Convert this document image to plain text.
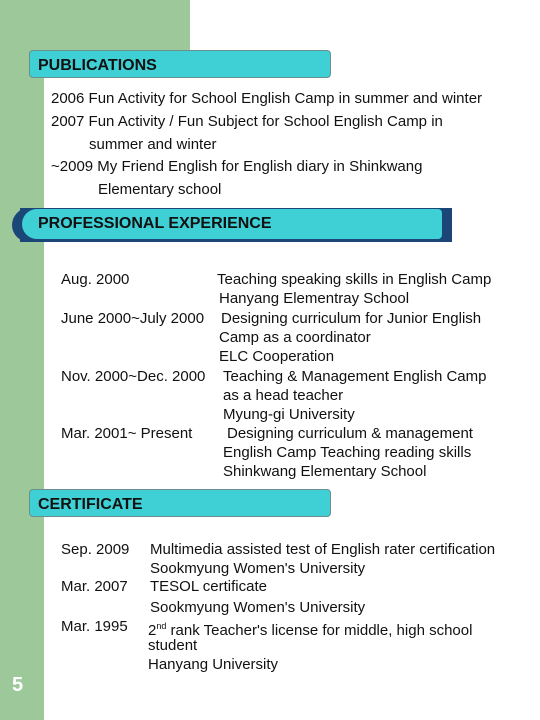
5
PUBLICATIONS
2006 Fun Activity for School English Camp in summer and winter
2007 Fun Activity / Fun Subject for School English Camp in
summer and winter
~2009 My Friend English for English diary in Shinkwang
Elementary school
PROFESSIONAL EXPERIENCE
Aug. 2000
June 2000~July 2000
Nov. 2000~Dec. 2000
Mar. 2001~ Present
Teaching speaking skills in English Camp
Hanyang Elementray School
Designing curriculum for Junior English
Camp as a coordinator
ELC Cooperation
Teaching & Management English Camp
as a head teacher
Myung-gi University
Designing curriculum & management
English Camp Teaching reading skills
Shinkwang Elementary School
CERTIFICATE
Sep. 2009
Mar. 2007
Mar. 1995
Multimedia assisted test of English rater certification
Sookmyung Women's University
TESOL certificate
Sookmyung Women's University
2nd rank Teacher's license for middle, high school
student
Hanyang University
